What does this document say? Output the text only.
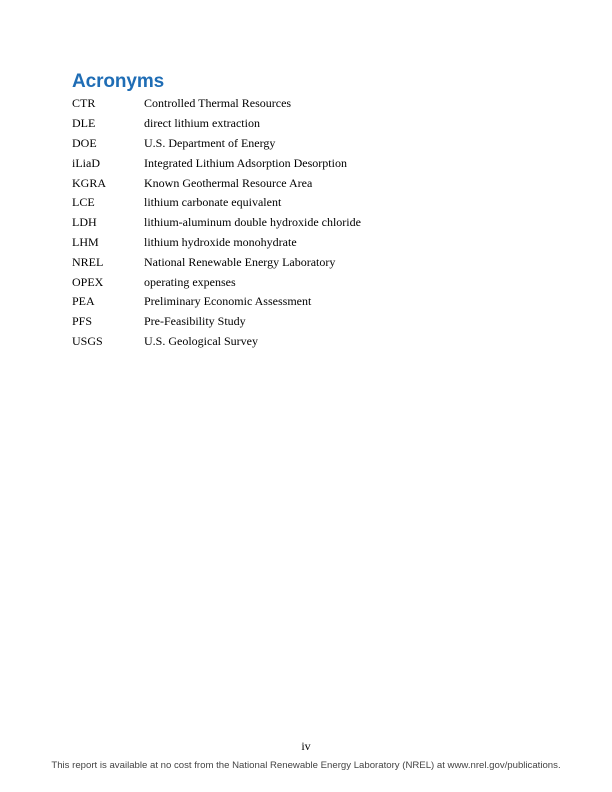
Acronyms
CTR	Controlled Thermal Resources
DLE	direct lithium extraction
DOE	U.S. Department of Energy
iLiaD	Integrated Lithium Adsorption Desorption
KGRA	Known Geothermal Resource Area
LCE	lithium carbonate equivalent
LDH	lithium-aluminum double hydroxide chloride
LHM	lithium hydroxide monohydrate
NREL	National Renewable Energy Laboratory
OPEX	operating expenses
PEA	Preliminary Economic Assessment
PFS	Pre-Feasibility Study
USGS	U.S. Geological Survey
iv
This report is available at no cost from the National Renewable Energy Laboratory (NREL) at www.nrel.gov/publications.
